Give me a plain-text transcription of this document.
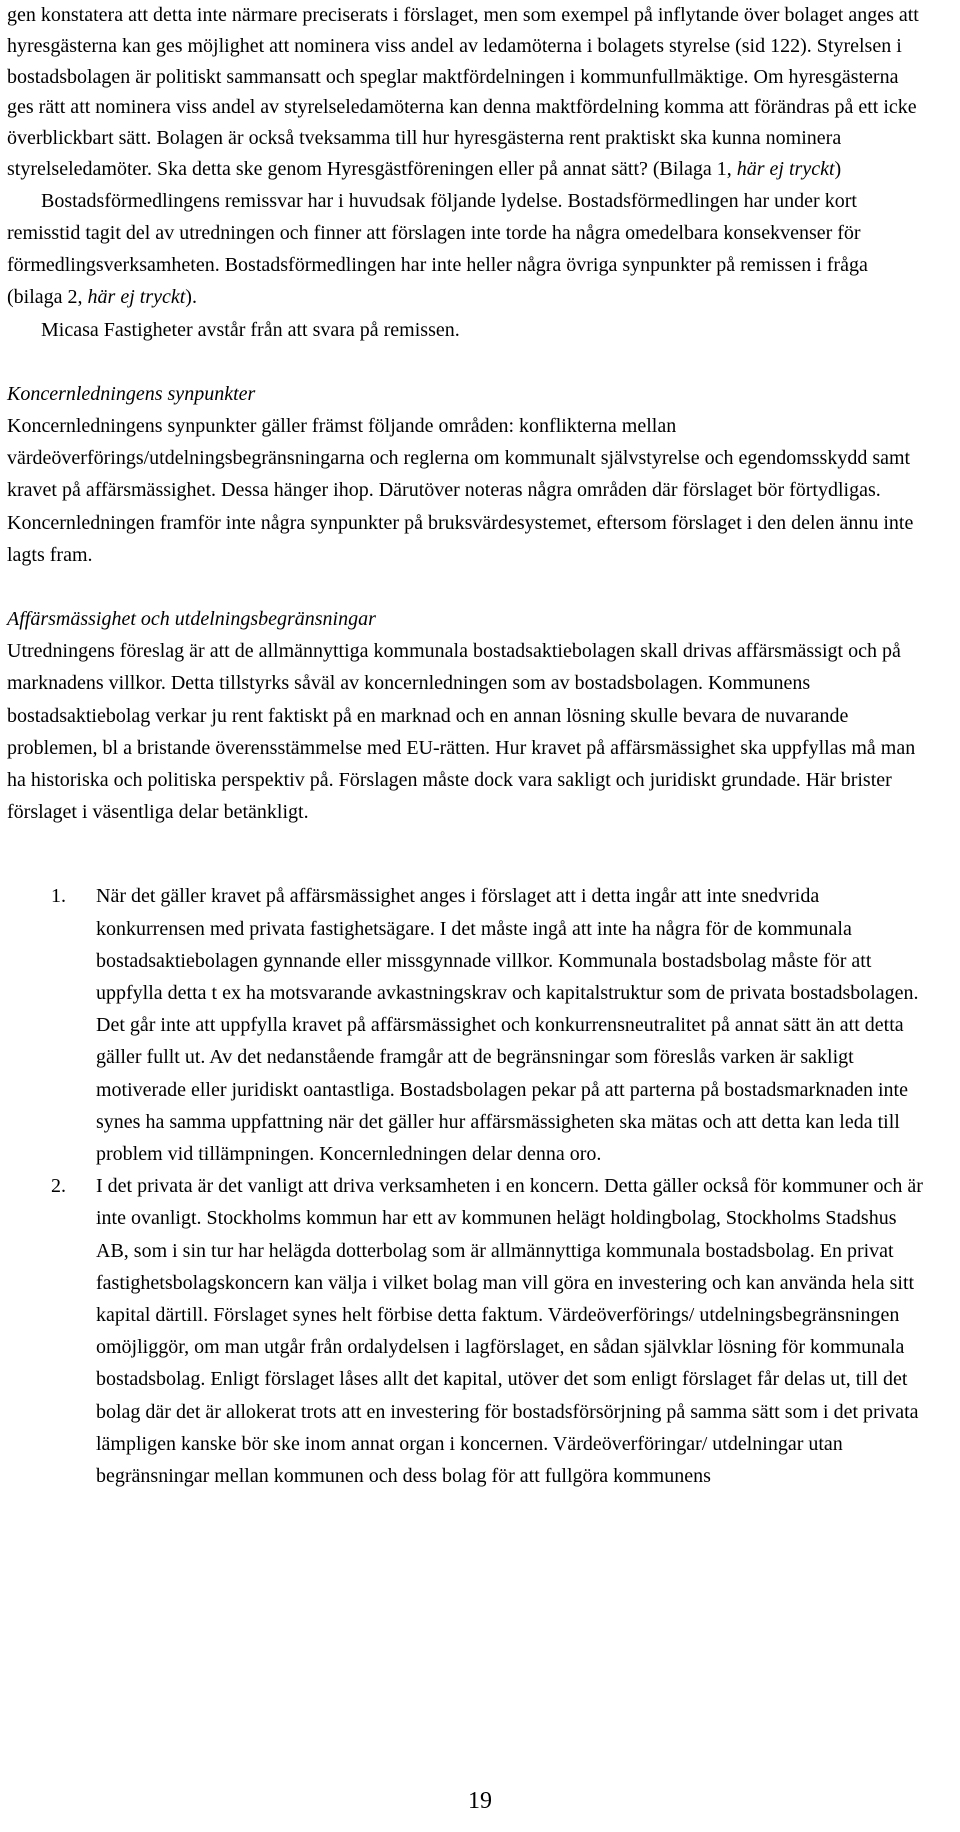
gen konstatera att detta inte närmare preciserats i förslaget, men som exempel på inflytande över bolaget anges att hyresgästerna kan ges möjlighet att nominera viss andel av ledamöterna i bolagets styrelse (sid 122). Styrelsen i bostadsbolagen är politiskt sammansatt och speglar maktfördelningen i kommunfullmäktige. Om hyresgästerna ges rätt att nominera viss andel av styrelseledamöterna kan denna maktfördelning komma att förändras på ett icke överblickbart sätt. Bolagen är också tveksamma till hur hyresgästerna rent praktiskt ska kunna nominera styrelseledamöter. Ska detta ske genom Hyresgästföreningen eller på annat sätt? (Bilaga 1, här ej tryckt)

Bostadsförmedlingens remissvar har i huvudsak följande lydelse. Bostadsförmedlingen har under kort remisstid tagit del av utredningen och finner att förslagen inte torde ha några omedelbara konsekvenser för förmedlingsverksamheten. Bostadsförmedlingen har inte heller några övriga synpunkter på remissen i fråga (bilaga 2, här ej tryckt).

Micasa Fastigheter avstår från att svara på remissen.

Koncernledningens synpunkter

Koncernledningens synpunkter gäller främst följande områden: konflikterna mellan värdeöverförings/utdelningsbegränsningarna och reglerna om kommunalt självstyrelse och egendomsskydd samt kravet på affärsmässighet. Dessa hänger ihop. Därutöver noteras några områden där förslaget bör förtydligas. Koncernledningen framför inte några synpunkter på bruksvärdesystemet, eftersom förslaget i den delen ännu inte lagts fram.

Affärsmässighet och utdelningsbegränsningar

Utredningens föreslag är att de allmännyttiga kommunala bostadsaktiebolagen skall drivas affärsmässigt och på marknadens villkor. Detta tillstyrks såväl av koncernledningen som av bostadsbolagen. Kommunens bostadsaktiebolag verkar ju rent faktiskt på en marknad och en annan lösning skulle bevara de nuvarande problemen, bl a bristande överensstämmelse med EU-rätten. Hur kravet på affärsmässighet ska uppfyllas må man ha historiska och politiska perspektiv på. Förslagen måste dock vara sakligt och juridiskt grundade. Här brister förslaget i väsentliga delar betänkligt.

1. När det gäller kravet på affärsmässighet anges i förslaget att i detta ingår att inte snedvrida konkurrensen med privata fastighetsägare. I det måste ingå att inte ha några för de kommunala bostadsaktiebolagen gynnande eller missgynnade villkor. Kommunala bostadsbolag måste för att uppfylla detta t ex ha motsvarande avkastningskrav och kapitalstruktur som de privata bostadsbolagen. Det går inte att uppfylla kravet på affärsmässighet och konkurrensneutralitet på annat sätt än att detta gäller fullt ut. Av det nedanstående framgår att de begränsningar som föreslås varken är sakligt motiverade eller juridiskt oantastliga. Bostadsbolagen pekar på att parterna på bostadsmarknaden inte synes ha samma uppfattning när det gäller hur affärsmässigheten ska mätas och att detta kan leda till problem vid tillämpningen. Koncernledningen delar denna oro.
2. I det privata är det vanligt att driva verksamheten i en koncern. Detta gäller också för kommuner och är inte ovanligt. Stockholms kommun har ett av kommunen helägt holdingbolag, Stockholms Stadshus AB, som i sin tur har helägda dotterbolag som är allmännyttiga kommunala bostadsbolag. En privat fastighetsbolagskoncern kan välja i vilket bolag man vill göra en investering och kan använda hela sitt kapital därtill. Förslaget synes helt förbise detta faktum. Värdeöverförings/ utdelningsbegränsningen omöjliggör, om man utgår från ordalydelsen i lagförslaget, en sådan självklar lösning för kommunala bostadsbolag. Enligt förslaget låses allt det kapital, utöver det som enligt förslaget får delas ut, till det bolag där det är allokerat trots att en investering för bostadsförsörjning på samma sätt som i det privata lämpligen kanske bör ske inom annat organ i koncernen. Värdeöverföringar/ utdelningar utan begränsningar mellan kommunen och dess bolag för att fullgöra kommunens
19
